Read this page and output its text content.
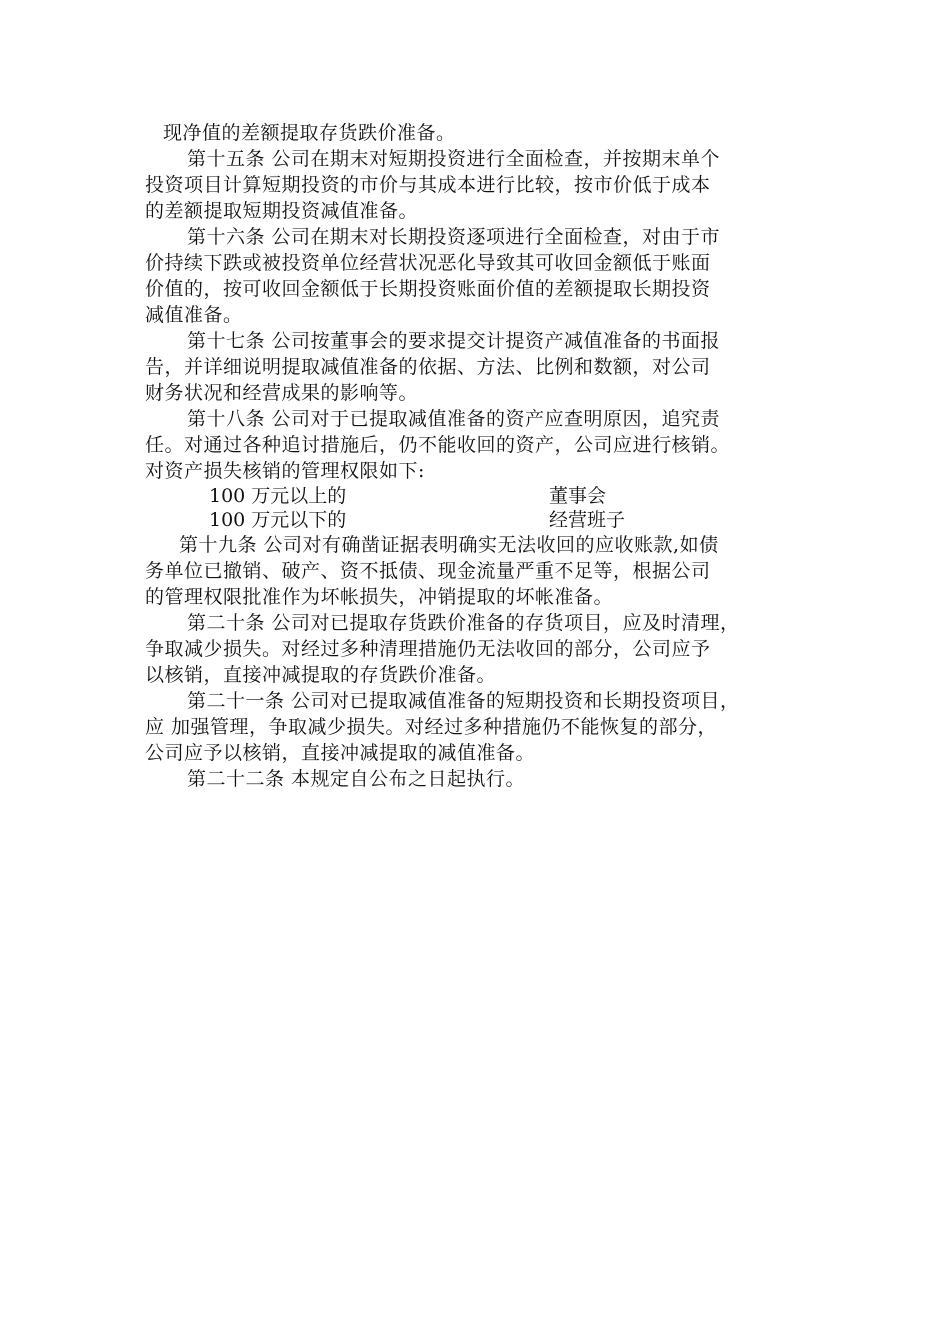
现净值的差额提取存货跌价准备。
第十五条 公司在期末对短期投资进行全面检查，并按期末单个
投资项目计算短期投资的市价与其成本进行比较，按市价低于成本
的差额提取短期投资减值准备。
第十六条 公司在期末对长期投资逐项进行全面检查，对由于市
价持续下跌或被投资单位经营状况恶化导致其可收回金额低于账面
价值的，按可收回金额低于长期投资账面价值的差额提取长期投资
减值准备。
第十七条 公司按董事会的要求提交计提资产减值准备的书面报
告，并详细说明提取减值准备的依据、方法、比例和数额，对公司
财务状况和经营成果的影响等。
第十八条 公司对于已提取减值准备的资产应查明原因，追究责
任。对通过各种追讨措施后，仍不能收回的资产，公司应进行核销。
对资产损失核销的管理权限如下:
100 万元以上的	董事会
100 万元以下的	经营班子
第十九条 公司对有确凿证据表明确实无法收回的应收账款,如债
务单位已撤销、破产、资不抵债、现金流量严重不足等，根据公司
的管理权限批准作为坏帐损失，冲销提取的坏帐准备。
第二十条 公司对已提取存货跌价准备的存货项目，应及时清理，
争取减少损失。对经过多种清理措施仍无法收回的部分，公司应予
以核销，直接冲减提取的存货跌价准备。
第二十一条 公司对已提取减值准备的短期投资和长期投资项目，
应 加强管理，争取减少损失。对经过多种措施仍不能恢复的部分，
公司应予以核销，直接冲减提取的减值准备。
第二十二条 本规定自公布之日起执行。
